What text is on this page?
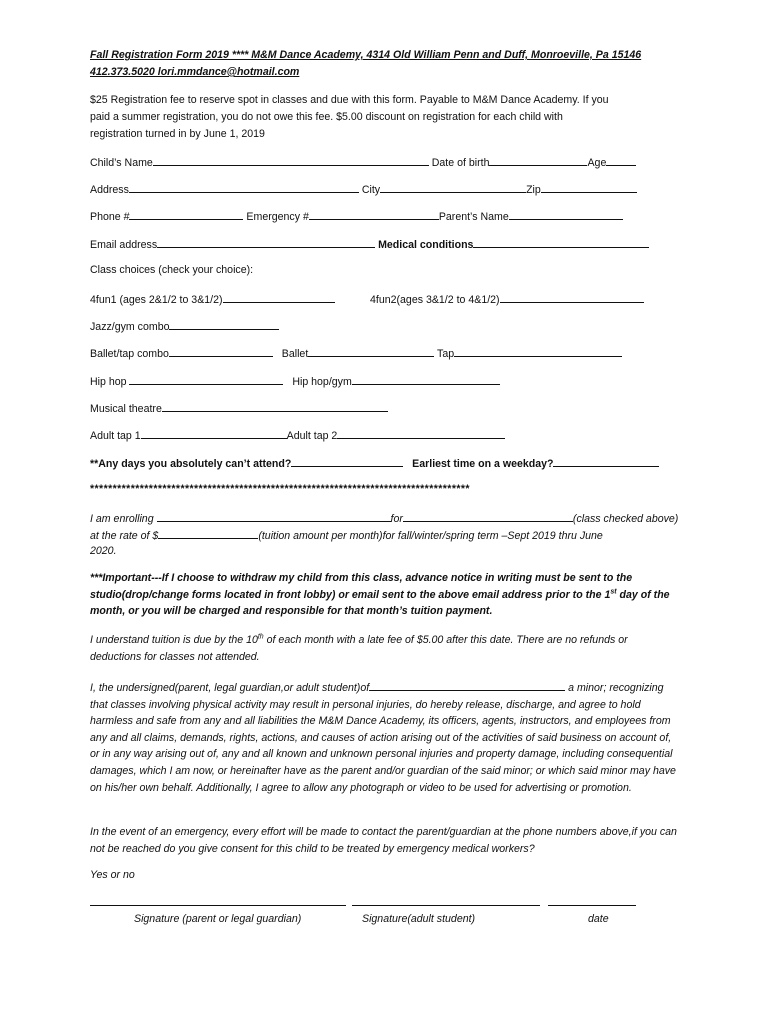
Fall Registration Form 2019 **** M&M Dance Academy, 4314 Old William Penn and Duff, Monroeville, Pa 15146
412.373.5020 lori.mmdance@hotmail.com
$25 Registration fee to reserve spot in classes and due with this form. Payable to M&M Dance Academy. If you
paid a summer registration, you do not owe this fee. $5.00 discount on registration for each child with
registration turned in by June 1, 2019
Child’s Name	Date of birth	Age
Address	City	Zip
Phone #	Emergency #	Parent’s Name
Email address	Medical conditions
Class choices (check your choice):
4fun1 (ages 2&1/2 to 3&1/2)	4fun2(ages 3&1/2 to 4&1/2)
Jazz/gym combo
Ballet/tap combo	Ballet	Tap
Hip hop	Hip hop/gym
Musical theatre
Adult tap 1	Adult tap 2
**Any days you absolutely can’t attend?	Earliest time on a weekday?
************************************************************************************
I am enrolling	for	(class checked above)
at the rate of $	(tuition amount per month)for fall/winter/spring term –Sept 2019 thru June
2020.
***Important---If I choose to withdraw my child from this class, advance notice in writing must be sent to the studio(drop/change forms located in front lobby) or email sent to the above email address prior to the 1st day of the month, or you will be charged and responsible for that month’s tuition payment.
I understand tuition is due by the 10th of each month with a late fee of $5.00 after this date. There are no refunds or deductions for classes not attended.
I, the undersigned(parent, legal guardian,or adult student)of	a minor; recognizing that classes involving physical activity may result in personal injuries, do hereby release, discharge, and agree to hold harmless and safe from any and all liabilities the M&M Dance Academy, its officers, agents, instructors, and employees from any and all claims, demands, rights, actions, and causes of action arising out of the activities of said business on account of, or in any way arising out of, any and all known and unknown personal injuries and property damage, including consequential damages, which I am now, or hereinafter have as the parent and/or guardian of the said minor; or which said minor may have on his/her own behalf. Additionally, I agree to allow any photograph or video to be used for advertising or promotion.
In the event of an emergency, every effort will be made to contact the parent/guardian at the phone numbers above,if you can not be reached do you give consent for this child to be treated by emergency medical workers?
Yes or no
Signature (parent or legal guardian)	Signature(adult student)	date
